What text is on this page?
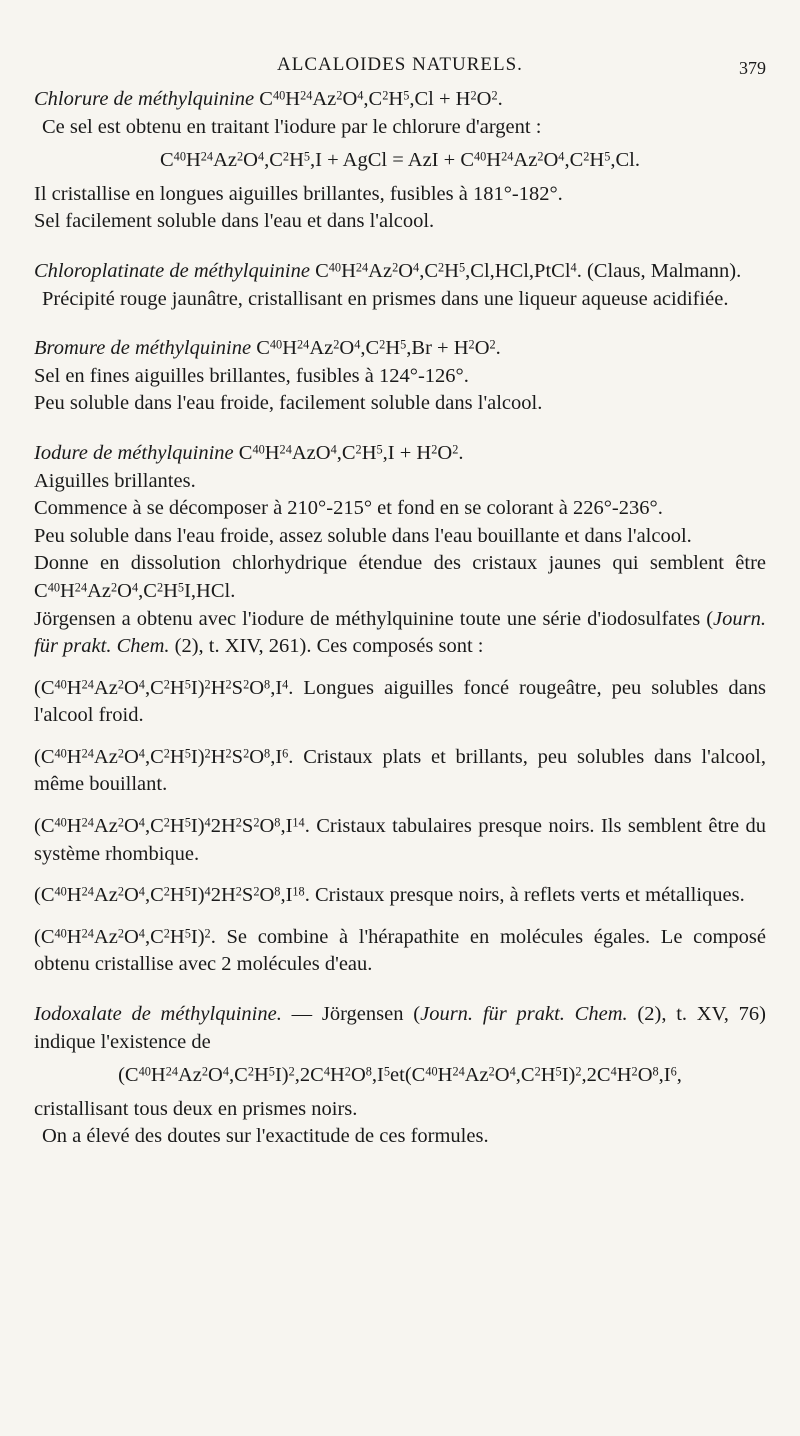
ALCALOIDES NATURELS.	379

Chlorure de méthylquinine $C^{40}H^{24}Az^2O^4,C^2H^5,Cl + H^2O^2$.

Ce sel est obtenu en traitant l'iodure par le chlorure d'argent :

$C^{40}H^{24}Az^2O^4,C^2H^5,I$ + AgCl = AzI + $C^{40}H^{24}Az^2O^4,C^2H^5,Cl$.

Il cristallise en longues aiguilles brillantes, fusibles à 181°-182°.

Sel facilement soluble dans l'eau et dans l'alcool.

Chloroplatinate de méthylquinine $C^{40}H^{24}Az^2O^4,C^2H^5,Cl,HCl,PtCl^4$. (Claus, Malmann).

Précipité rouge jaunâtre, cristallisant en prismes dans une liqueur aqueuse acidifiée.

Bromure de méthylquinine $C^{40}H^{24}Az^2O^4,C^2H^5,Br + H^2O^2$.

Sel en fines aiguilles brillantes, fusibles à 124°-126°.

Peu soluble dans l'eau froide, facilement soluble dans l'alcool.

Iodure de méthylquinine $C^{40}H^{24}AzO^4,C^2H^5,I + H^2O^2$.

Aiguilles brillantes.

Commence à se décomposer à 210°-215° et fond en se colorant à 226°-236°.

Peu soluble dans l'eau froide, assez soluble dans l'eau bouillante et dans l'alcool.

Donne en dissolution chlorhydrique étendue des cristaux jaunes qui semblent être $C^{40}H^{24}Az^2O^4,C^2H^5I,HCl$.

Jörgensen a obtenu avec l'iodure de méthylquinine toute une série d'iodosulfates (Journ. für prakt. Chem. (2), t. XIV, 261). Ces composés sont :

$(C^{40}H^{24}Az^2O^4,C^2H^5I)^2H^2S^2O^8,I^4$. Longues aiguilles foncé rougeâtre, peu solubles dans l'alcool froid.

$(C^{40}H^{24}Az^2O^4,C^2H^5I)^2H^2S^2O^8,I^6$. Cristaux plats et brillants, peu solubles dans l'alcool, même bouillant.

$(C^{40}H^{24}Az^2O^4,C^2H^5I)^42H^2S^2O^8,I^{14}$. Cristaux tabulaires presque noirs. Ils semblent être du système rhombique.

$(C^{40}H^{24}Az^2O^4,C^2H^5I)^42H^2S^2O^8,I^{18}$. Cristaux presque noirs, à reflets verts et métalliques.

$(C^{40}H^{24}Az^2O^4,C^2H^5I)^2$. Se combine à l'hérapathite en molécules égales. Le composé obtenu cristallise avec 2 molécules d'eau.

Iodoxalate de méthylquinine. — Jörgensen (Journ. für prakt. Chem. (2), t. XV, 76) indique l'existence de

$(C^{40}H^{24}Az^2O^4,C^2H^5I)^2,2C^4H^2O^8,I^5et(C^{40}H^{24}Az^2O^4,C^2H^5I)^2,2C^4H^2O^8,I^6$,

cristallisant tous deux en prismes noirs.

On a élevé des doutes sur l'exactitude de ces formules.
